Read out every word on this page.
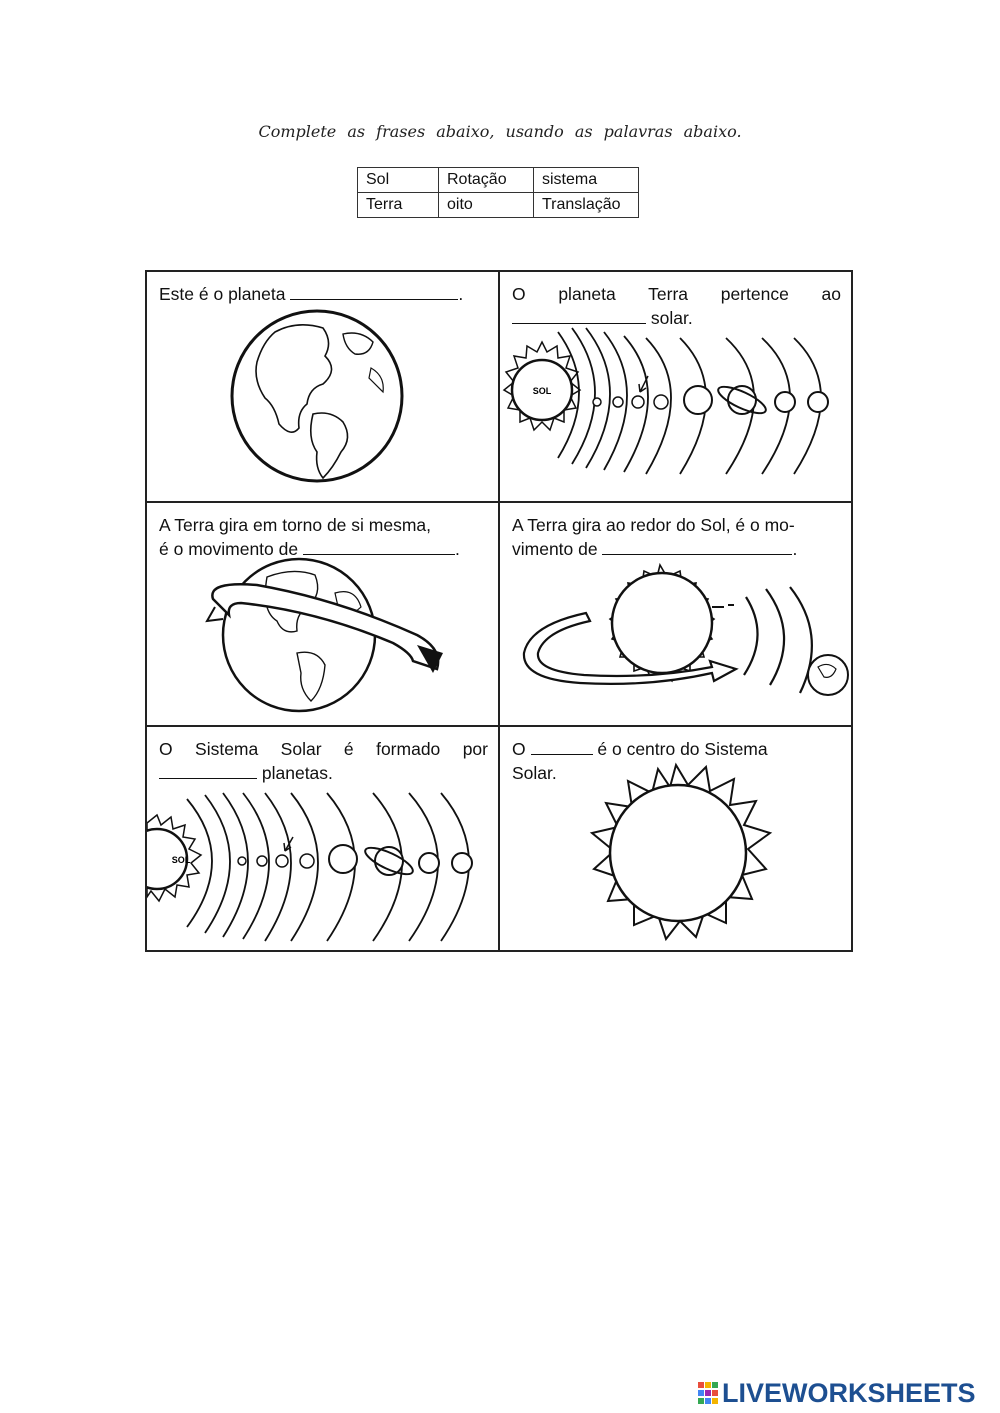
Complete as frases abaixo, usando as palavras abaixo.
Sol	Rotação	sistema
Terra	oito	Translação
Este é o planeta	.	O planeta Terra pertence ao
solar.
SOL
A Terra gira em torno de si mesma,
é o movimento de	.
A Terra gira ao redor do Sol, é o mo-
vimento de	.
O Sistema Solar é formado por
planetas.
SOL
O	é o centro do Sistema
Solar.
LIVEWORKSHEETS
